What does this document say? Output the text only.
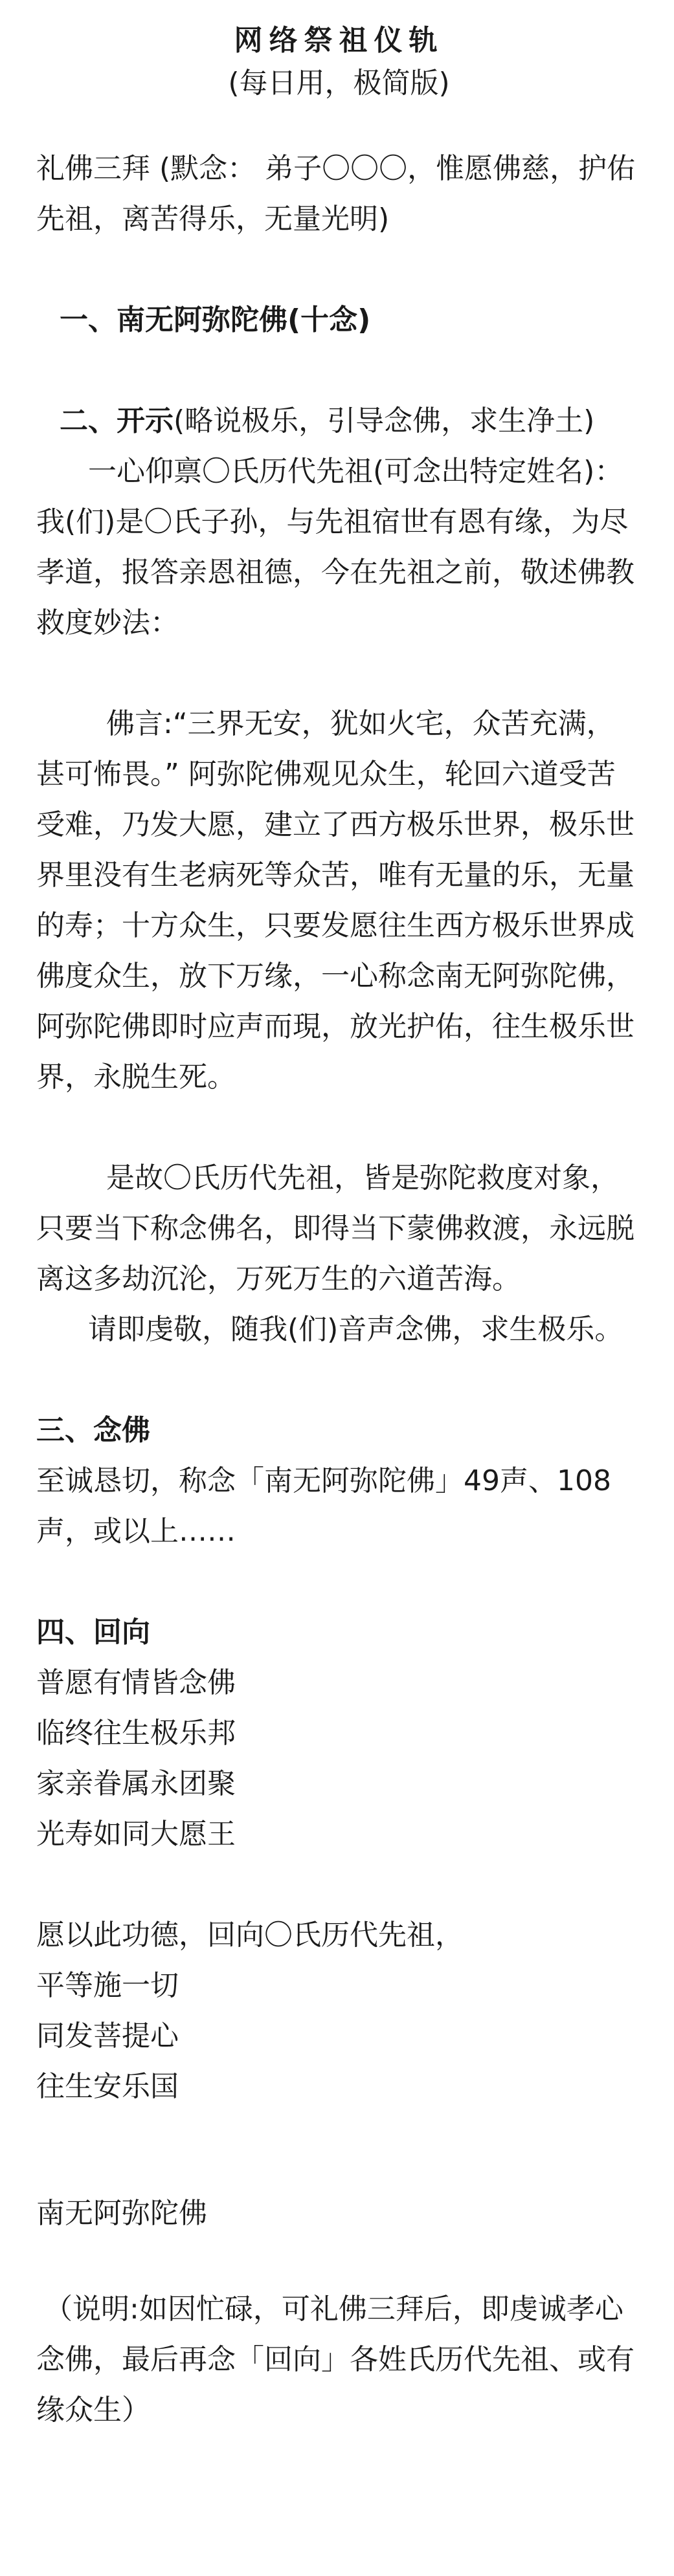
网络祭祖仪轨
(每日用，极简版)

礼佛三拜 (默念： 弟子〇〇〇，惟愿佛慈，护佑先祖，离苦得乐，无量光明)

一、南无阿弥陀佛(十念)

二、开示(略说极乐，引导念佛，求生净土)

一心仰禀〇氏历代先祖(可念出特定姓名)：我(们)是〇氏子孙，与先祖宿世有恩有缘，为尽孝道，报答亲恩祖德，今在先祖之前，敬述佛教救度妙法：

佛言:“三界无安，犹如火宅，众苦充满，甚可怖畏。” 阿弥陀佛观见众生，轮回六道受苦受难，乃发大愿，建立了西方极乐世界，极乐世界里没有生老病死等众苦，唯有无量的乐，无量的寿；十方众生，只要发愿往生西方极乐世界成佛度众生，放下万缘，一心称念南无阿弥陀佛，阿弥陀佛即时应声而現，放光护佑，往生极乐世界，永脱生死。

是故〇氏历代先祖，皆是弥陀救度对象，只要当下称念佛名，即得当下蒙佛救渡，永远脱离这多劫沉沦，万死万生的六道苦海。

请即虔敬，随我(们)音声念佛，求生极乐。

三、念佛

至诚恳切，称念「南无阿弥陀佛」49声、108声，或以上……

四、回向

普愿有情皆念佛

临终往生极乐邦

家亲眷属永团聚

光寿如同大愿王

愿以此功德，回向〇氏历代先祖，

平等施一切

同发菩提心

往生安乐国

南无阿弥陀佛

（说明:如因忙碌，可礼佛三拜后，即虔诚孝心念佛，最后再念「回向」各姓氏历代先祖、或有缘众生）
